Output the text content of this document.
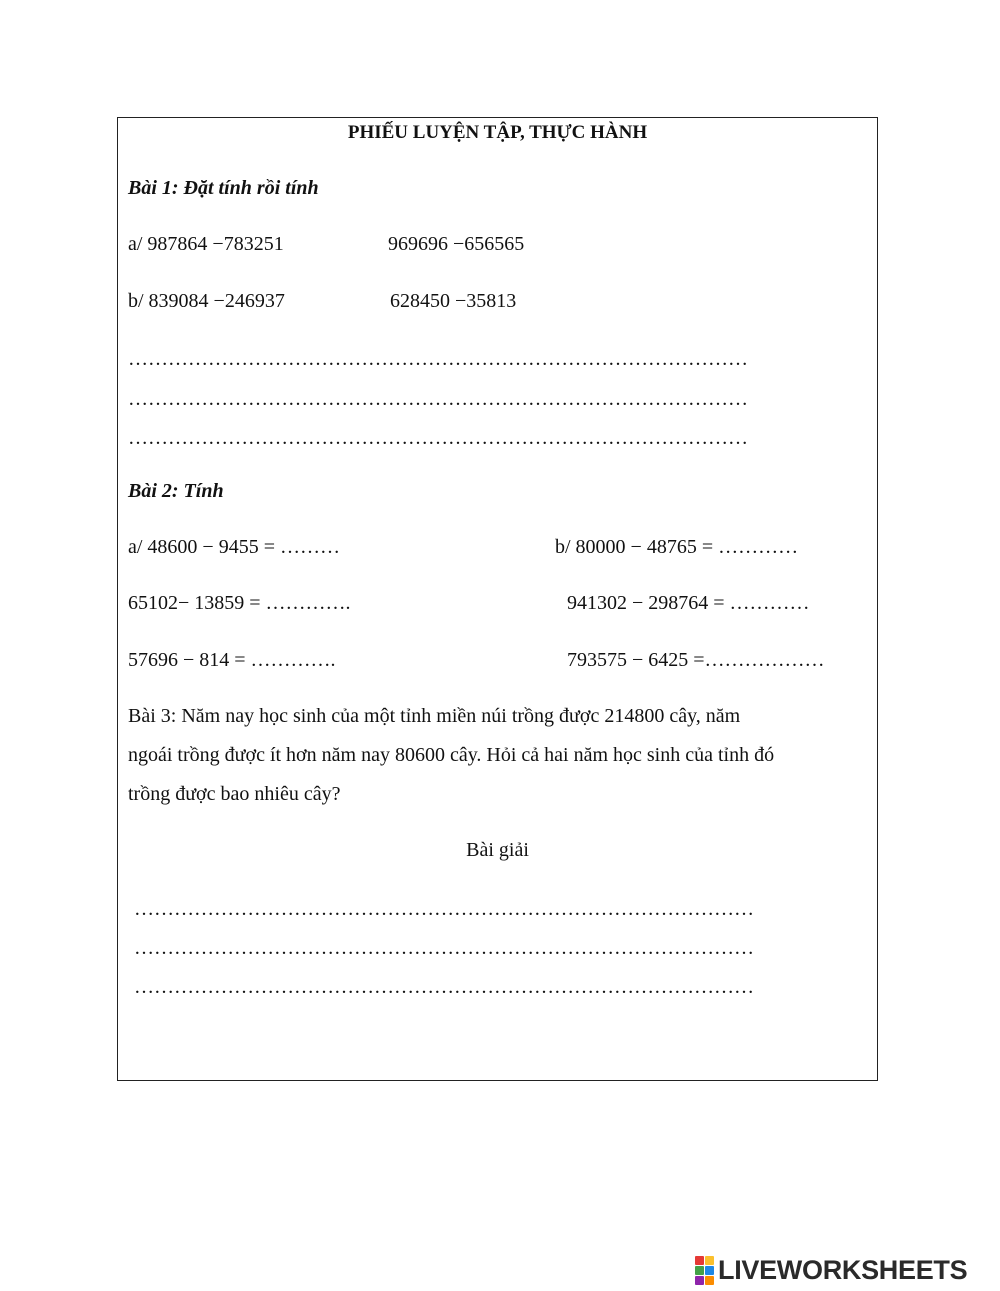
PHIẾU LUYỆN TẬP, THỰC HÀNH
Bài 1: Đặt tính rồi tính
a/ 987864 −783251	969696 −656565
b/ 839084 −246937	628450 −35813
…………………………………………………………………………………
…………………………………………………………………………………
…………………………………………………………………………………
Bài 2: Tính
a/ 48600 − 9455 = ………	b/ 80000 − 48765 = …………
65102− 13859 = ………….	941302 − 298764 = …………
57696 − 814 = ………….	793575 − 6425 =………………
Bài 3: Năm nay học sinh của một tỉnh miền núi trồng được 214800 cây, năm
ngoái trồng được ít hơn năm nay 80600 cây. Hỏi cả hai năm học sinh của tỉnh đó
trồng được bao nhiêu cây?
Bài giải
…………………………………………………………………………………
…………………………………………………………………………………
…………………………………………………………………………………
LIVEWORKSHEETS
